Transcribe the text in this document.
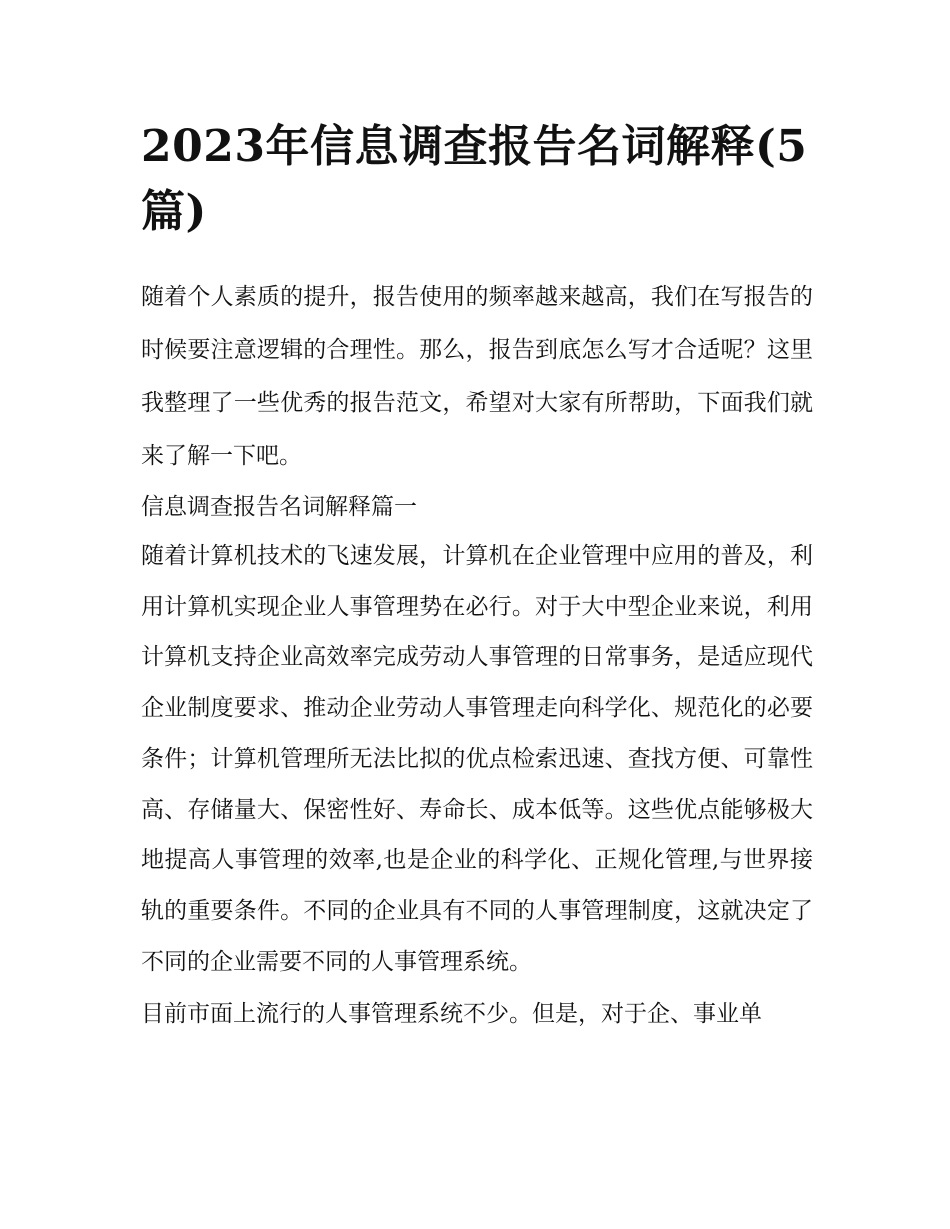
2023年信息调查报告名词解释(5篇)

随着个人素质的提升，报告使用的频率越来越高，我们在写报告的时候要注意逻辑的合理性。那么，报告到底怎么写才合适呢？这里我整理了一些优秀的报告范文，希望对大家有所帮助，下面我们就来了解一下吧。

信息调查报告名词解释篇一

随着计算机技术的飞速发展，计算机在企业管理中应用的普及，利用计算机实现企业人事管理势在必行。对于大中型企业来说，利用计算机支持企业高效率完成劳动人事管理的日常事务，是适应现代企业制度要求、推动企业劳动人事管理走向科学化、规范化的必要条件；计算机管理所无法比拟的优点检索迅速、查找方便、可靠性高、存储量大、保密性好、寿命长、成本低等。这些优点能够极大地提高人事管理的效率,也是企业的科学化、正规化管理,与世界接轨的重要条件。不同的企业具有不同的人事管理制度，这就决定了不同的企业需要不同的人事管理系统。

目前市面上流行的人事管理系统不少。但是，对于企、事业单
